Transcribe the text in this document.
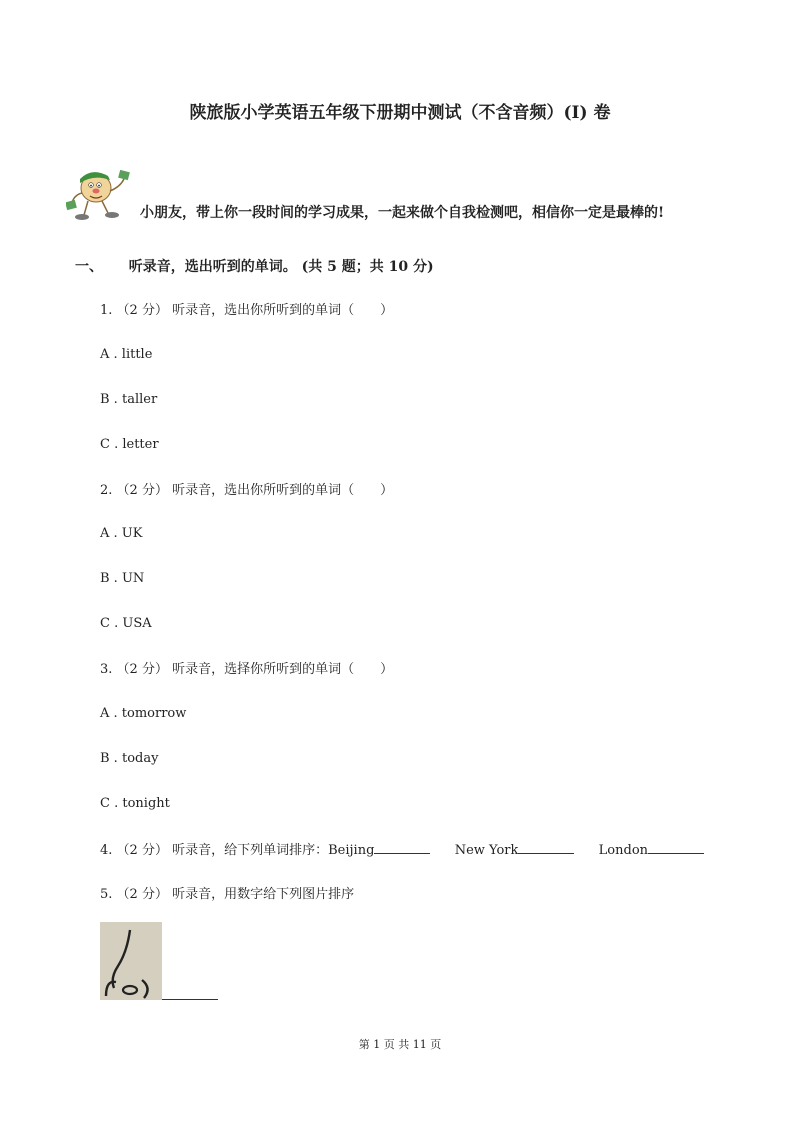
陕旅版小学英语五年级下册期中测试（不含音频）(I) 卷
小朋友，带上你一段时间的学习成果，一起来做个自我检测吧，相信你一定是最棒的!
一、 听录音，选出听到的单词。 (共 5 题；共 10 分)
1. （2 分） 听录音，选出你所听到的单词（　　）
A . little
B . taller
C . letter
2. （2 分） 听录音，选出你所听到的单词（　　）
A . UK
B . UN
C . USA
3. （2 分） 听录音，选择你所听到的单词（　　）
A . tomorrow
B . today
C . tonight
4. （2 分） 听录音，给下列单词排序：Beijing	New York	London
5. （2 分） 听录音，用数字给下列图片排序
第 1 页 共 11 页
